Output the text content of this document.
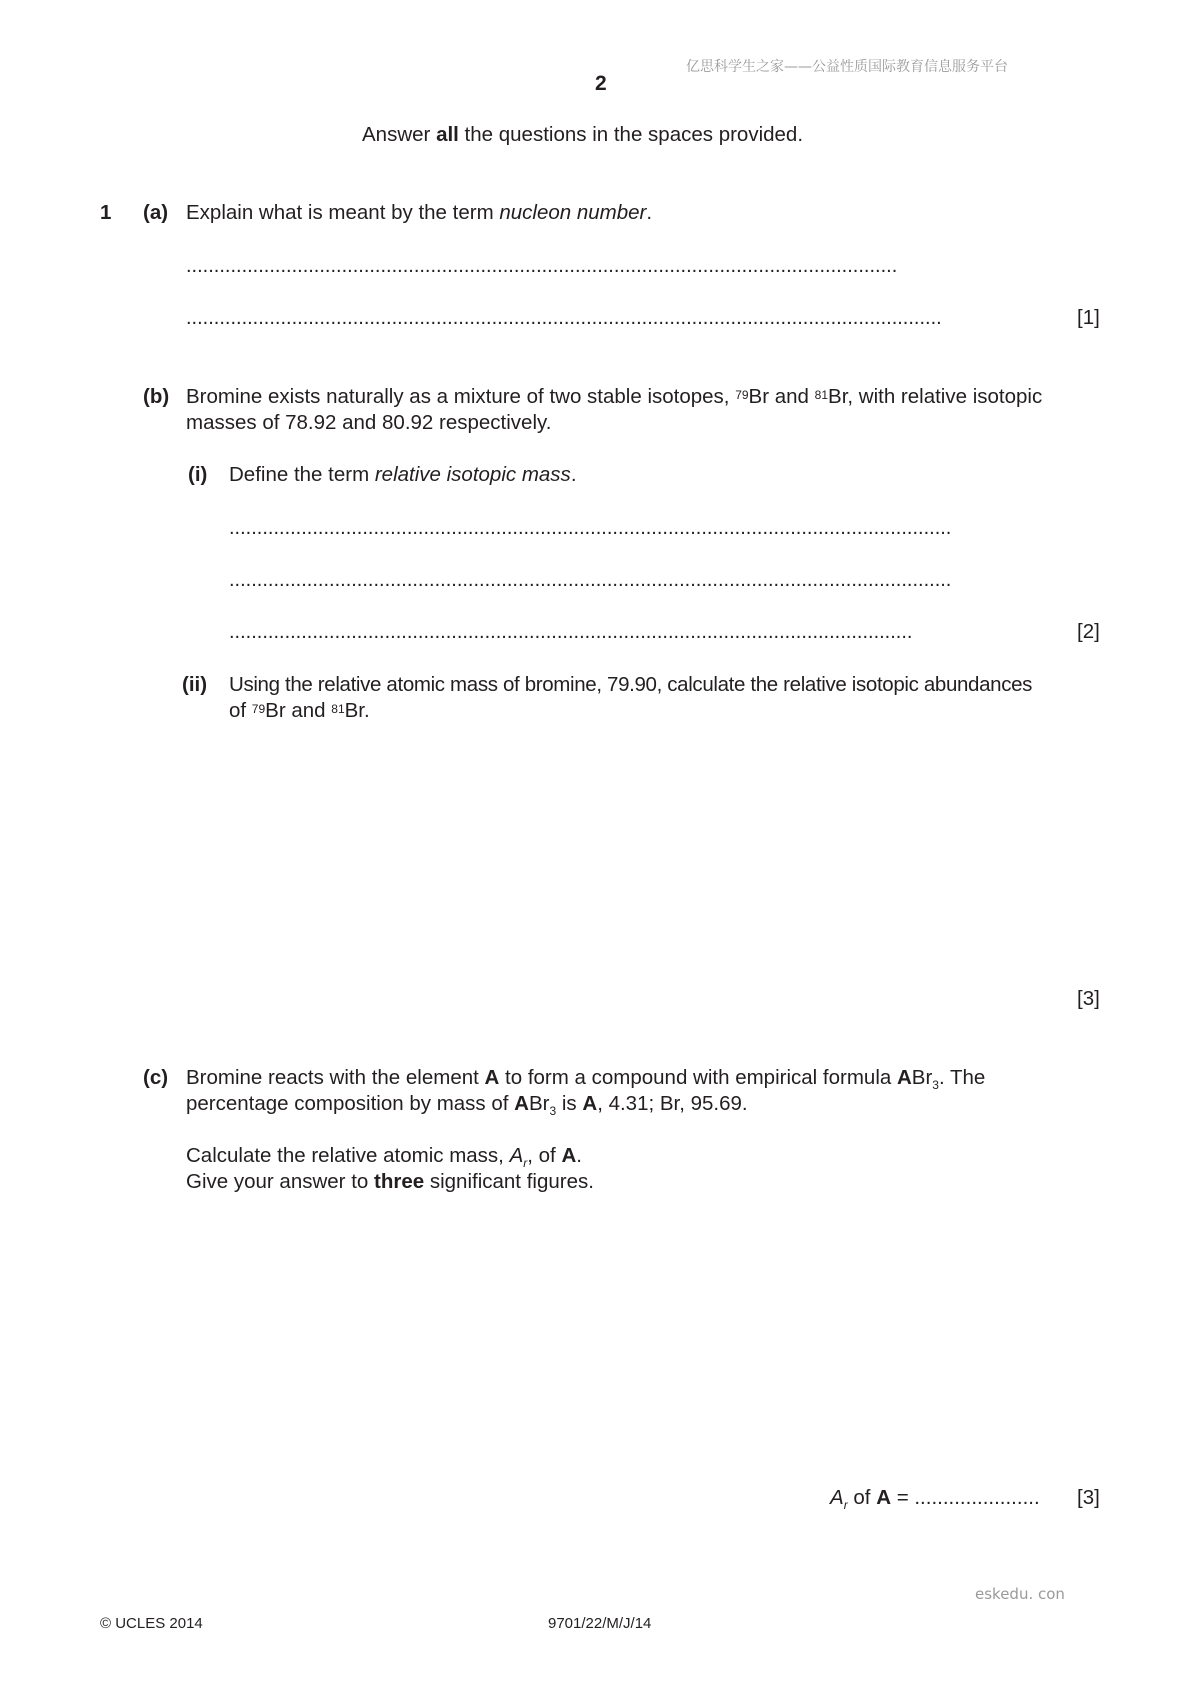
亿思科学生之家——公益性质国际教育信息服务平台
2
Answer all the questions in the spaces provided.
1 (a) Explain what is meant by the term nucleon number.
................................................................................................................................
........................................................................................................................................	[1]
(b) Bromine exists naturally as a mixture of two stable isotopes, $^{79}$Br and $^{81}$Br, with relative isotopic
masses of 78.92 and 80.92 respectively.
(i) Define the term relative isotopic mass.
..................................................................................................................................
..................................................................................................................................
...........................................................................................................................	[2]
(ii) Using the relative atomic mass of bromine, 79.90, calculate the relative isotopic abundances
of $^{79}$Br and $^{81}$Br.
[3]
(c) Bromine reacts with the element A to form a compound with empirical formula ABr$_3$. The
percentage composition by mass of ABr$_3$ is A, 4.31; Br, 95.69.
Calculate the relative atomic mass, $A_r$, of A.
Give your answer to three significant figures.
$A_r$ of A = ...................... [3]
eskedu. con
© UCLES 2014	9701/22/M/J/14
